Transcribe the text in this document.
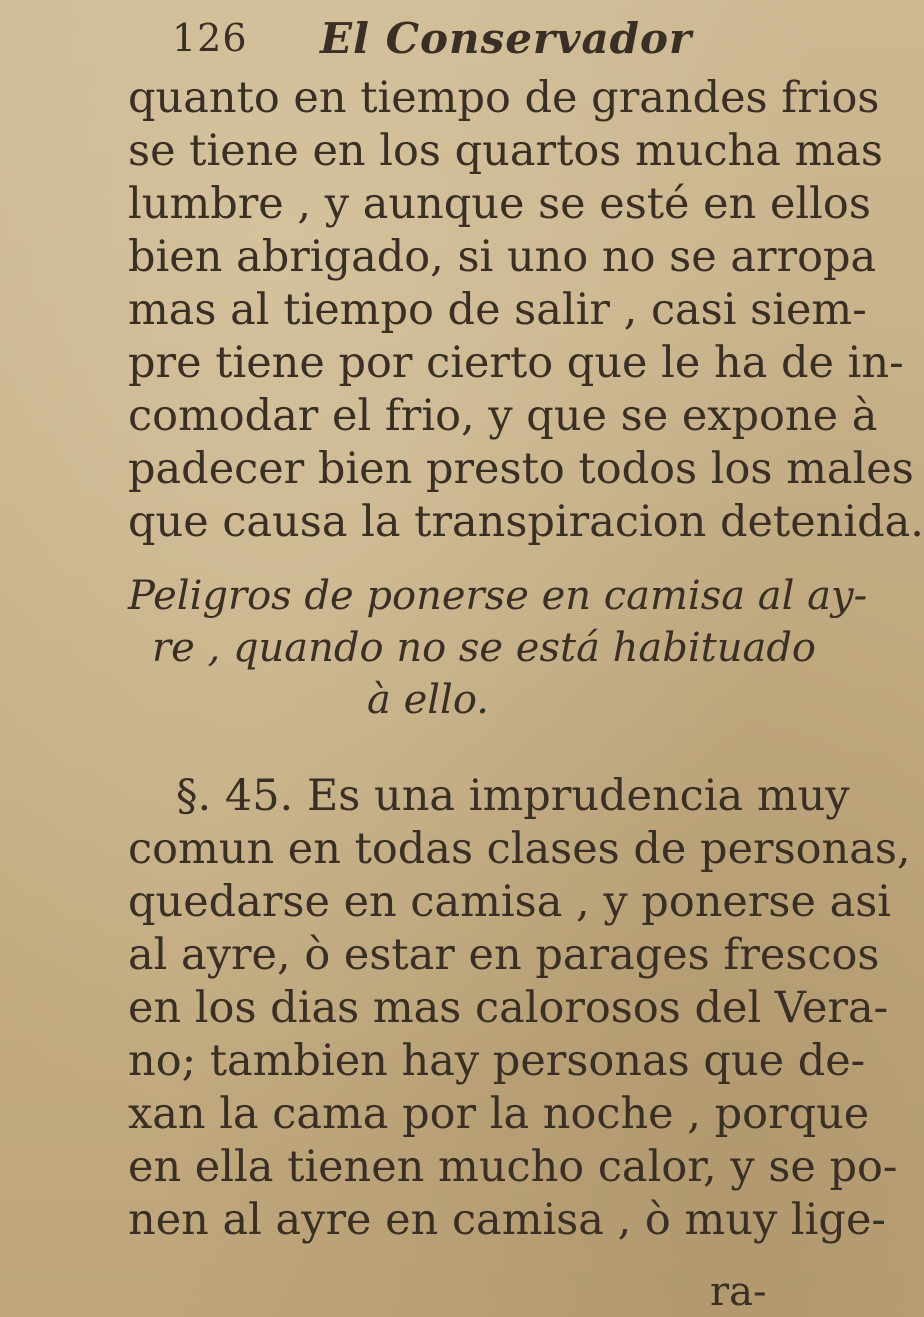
126 El Conservador
quanto en tiempo de grandes frios
se tiene en los quartos mucha mas
lumbre , y aunque se esté en ellos
bien abrigado, si uno no se arropa
mas al tiempo de salir , casi siem-
pre tiene por cierto que le ha de in-
comodar el frio, y que se expone à
padecer bien presto todos los males
que causa la transpiracion detenida.
Peligros de ponerse en camisa al ay-
re , quando no se está habituado
à ello.
§. 45. Es una imprudencia muy
comun en todas clases de personas,
quedarse en camisa , y ponerse asi
al ayre, ò estar en parages frescos
en los dias mas calorosos del Vera-
no; tambien hay personas que de-
xan la cama por la noche , porque
en ella tienen mucho calor, y se po-
nen al ayre en camisa , ò muy lige-
ra-
